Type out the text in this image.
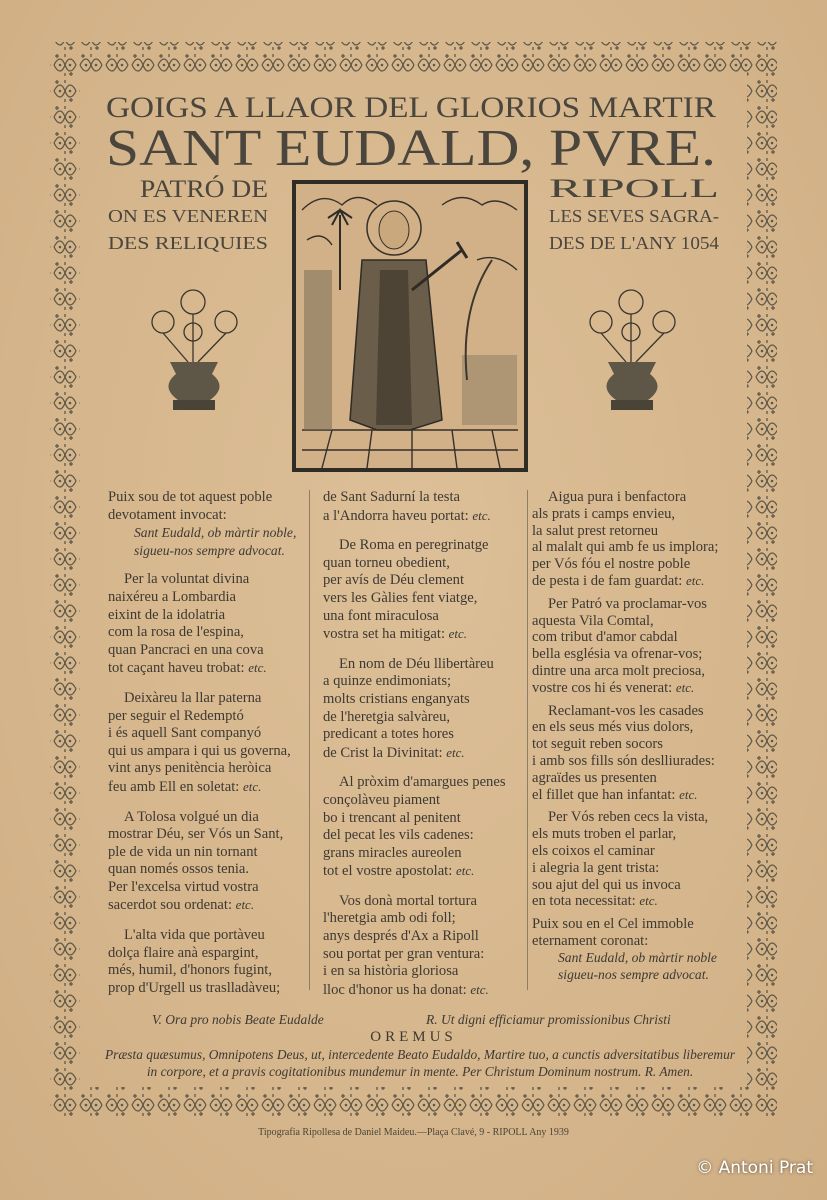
GOIGS A LLAOR DEL GLORIOS MARTIR
SANT EUDALD, PVRE.
PATRÓ DE
ON ES VENEREN
DES RELIQUIES
RIPOLL
LES SEVES SAGRA-
DES DE L'ANY 1054
Puix sou de tot aquest poble
devotament invocat:
Sant Eudald, ob màrtir noble,
sigueu-nos sempre advocat.
Per la voluntat divina
naixéreu a Lombardia
eixint de la idolatria
com la rosa de l'espina,
quan Pancraci en una cova
tot caçant haveu trobat: etc.
Deixàreu la llar paterna
per seguir el Redemptó
i és aquell Sant companyó
qui us ampara i qui us governa,
vint anys penitència heròica
feu amb Ell en soletat: etc.
A Tolosa volgué un dia
mostrar Déu, ser Vós un Sant,
ple de vida un nin tornant
quan només ossos tenia.
Per l'excelsa virtud vostra
sacerdot sou ordenat: etc.
L'alta vida que portàveu
dolça flaire anà espargint,
més, humil, d'honors fugint,
prop d'Urgell us traslladàveu;
de Sant Sadurní la testa
a l'Andorra haveu portat: etc.
De Roma en peregrinatge
quan torneu obedient,
per avís de Déu clement
vers les Gàlies fent viatge,
una font miraculosa
vostra set ha mitigat: etc.
En nom de Déu llibertàreu
a quinze endimoniats;
molts cristians enganyats
de l'heretgia salvàreu,
predicant a totes hores
de Crist la Divinitat: etc.
Al pròxim d'amargues penes
conçolàveu piament
bo i trencant al penitent
del pecat les vils cadenes:
grans miracles aureolen
tot el vostre apostolat: etc.
Vos donà mortal tortura
l'heretgia amb odi foll;
anys després d'Ax a Ripoll
sou portat per gran ventura:
i en sa història gloriosa
lloc d'honor us ha donat: etc.
Aigua pura i benfactora
als prats i camps envieu,
la salut prest retorneu
al malalt qui amb fe us implora;
per Vós fóu el nostre poble
de pesta i de fam guardat: etc.
Per Patró va proclamar-vos
aquesta Vila Comtal,
com tribut d'amor cabdal
bella església va ofrenar-vos;
dintre una arca molt preciosa,
vostre cos hi és venerat: etc.
Reclamant-vos les casades
en els seus més vius dolors,
tot seguit reben socors
i amb sos fills són deslliurades:
agraïdes us presenten
el fillet que han infantat: etc.
Per Vós reben cecs la vista,
els muts troben el parlar,
els coixos el caminar
i alegria la gent trista:
sou ajut del qui us invoca
en tota necessitat: etc.
Puix sou en el Cel immoble
eternament coronat:
Sant Eudald, ob màrtir noble
sigueu-nos sempre advocat.
V. Ora pro nobis Beate Eudalde	R. Ut digni efficiamur promissionibus Christi
OREMUS
Præsta quæsumus, Omnipotens Deus, ut, intercedente Beato Eudaldo, Martire tuo, a cunctis adversitatibus liberemur
in corpore, et a pravis cogitationibus mundemur in mente. Per Christum Dominum nostrum. R. Amen.
Tipografia Ripollesa de Daniel Maideu.—Plaça Clavé, 9 - RIPOLL Any 1939
© Antoni Prat
